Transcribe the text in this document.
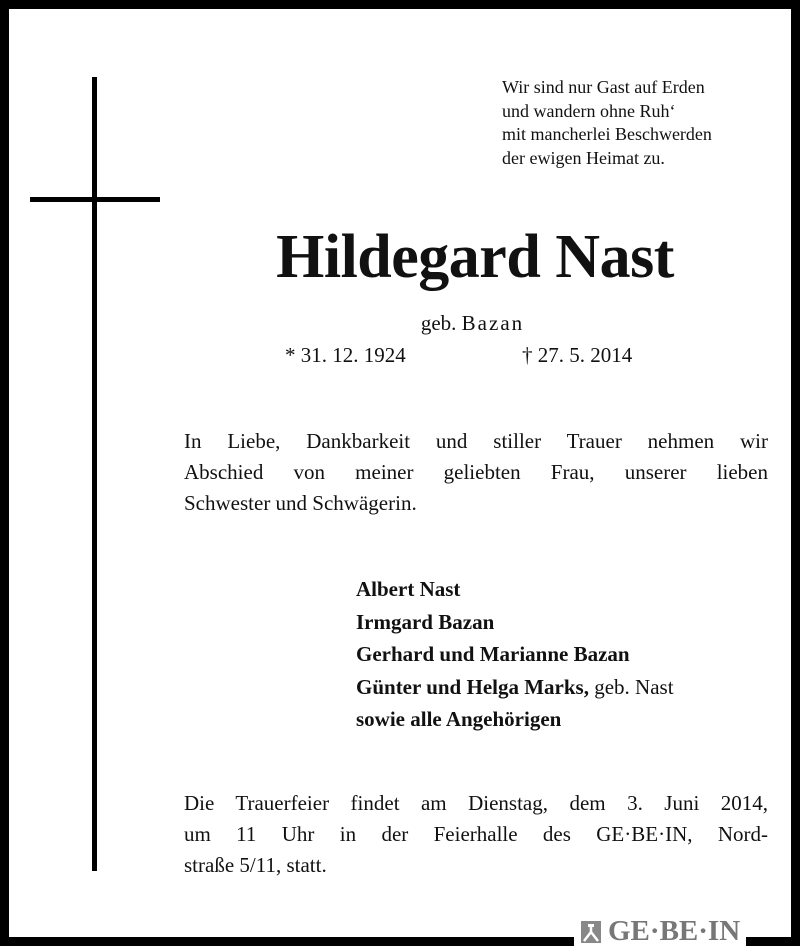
Wir sind nur Gast auf Erden
und wandern ohne Ruh‘
mit mancherlei Beschwerden
der ewigen Heimat zu.
Hildegard Nast
geb. Bazan
* 31. 12. 1924	† 27. 5. 2014
In Liebe, Dankbarkeit und stiller Trauer nehmen wir
Abschied von meiner geliebten Frau, unserer lieben
Schwester und Schwägerin.
Albert Nast
Irmgard Bazan
Gerhard und Marianne Bazan
Günter und Helga Marks, geb. Nast
sowie alle Angehörigen
Die Trauerfeier findet am Dienstag, dem 3. Juni 2014,
um 11 Uhr in der Feierhalle des GE·BE·IN, Nord-
straße 5/11, statt.
GE·BE·IN
